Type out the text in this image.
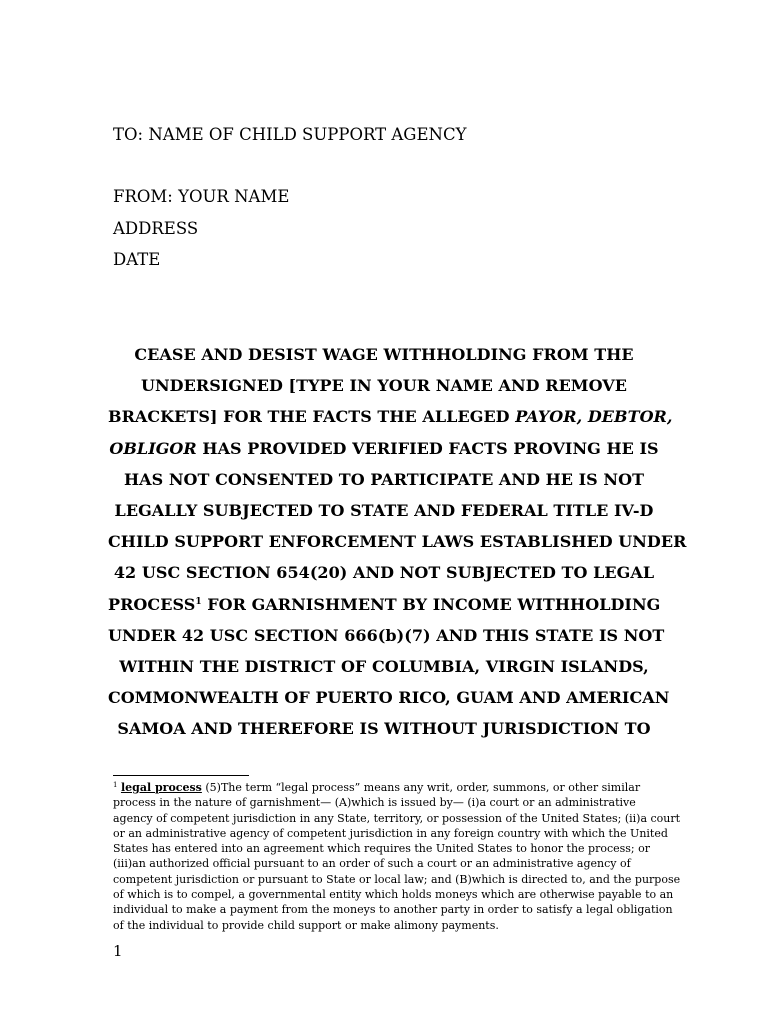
TO: NAME OF CHILD SUPPORT AGENCY
FROM: YOUR NAME
ADDRESS
DATE
CEASE AND DESIST WAGE WITHHOLDING FROM THE
UNDERSIGNED [TYPE IN YOUR NAME AND REMOVE
BRACKETS] FOR THE FACTS THE ALLEGED PAYOR, DEBTOR,
OBLIGOR HAS PROVIDED VERIFIED FACTS PROVING HE IS
HAS NOT CONSENTED TO PARTICIPATE AND HE IS NOT
LEGALLY SUBJECTED TO STATE AND FEDERAL TITLE IV-D
CHILD SUPPORT ENFORCEMENT LAWS ESTABLISHED UNDER
42 USC SECTION 654(20) AND NOT SUBJECTED TO LEGAL
PROCESS$^1$ FOR GARNISHMENT BY INCOME WITHHOLDING
UNDER 42 USC SECTION 666(b)(7) AND THIS STATE IS NOT
WITHIN THE DISTRICT OF COLUMBIA, VIRGIN ISLANDS,
COMMONWEALTH OF PUERTO RICO, GUAM AND AMERICAN
SAMOA AND THEREFORE IS WITHOUT JURISDICTION TO
$^1$ legal process (5)The term “legal process” means any writ, order, summons, or other similar
process in the nature of garnishment— (A)which is issued by— (i)a court or an administrative
agency of competent jurisdiction in any State, territory, or possession of the United States; (ii)a court
or an administrative agency of competent jurisdiction in any foreign country with which the United
States has entered into an agreement which requires the United States to honor the process; or
(iii)an authorized official pursuant to an order of such a court or an administrative agency of
competent jurisdiction or pursuant to State or local law; and (B)which is directed to, and the purpose
of which is to compel, a governmental entity which holds moneys which are otherwise payable to an
individual to make a payment from the moneys to another party in order to satisfy a legal obligation
of the individual to provide child support or make alimony payments.
1
